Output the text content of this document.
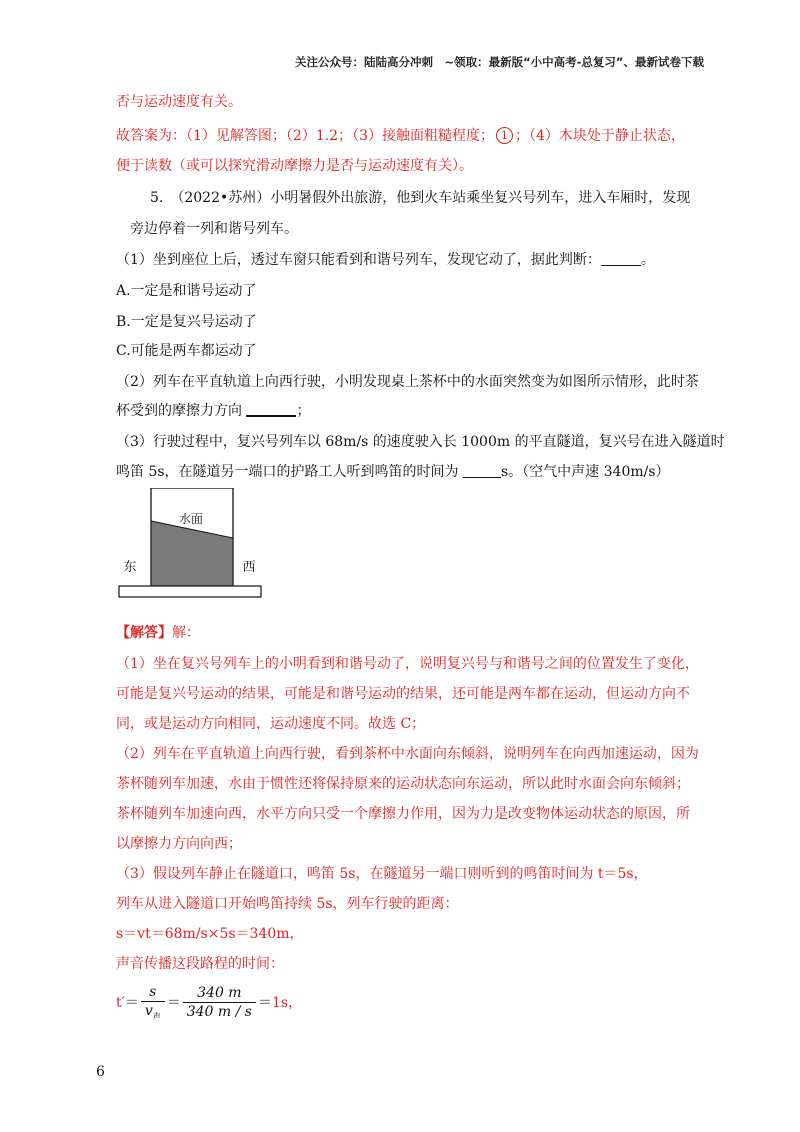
关注公众号：陆陆高分冲刺　~领取：最新版“小中高考-总复习”、最新试卷下载
否与运动速度有关。
故答案为：（1）见解答图；（2）1.2；（3）接触面粗糙程度； 1 ；（4）木块处于静止状态，
便于读数（或可以探究滑动摩擦力是否与运动速度有关）。
5.　（2022•苏州）小明暑假外出旅游，他到火车站乘坐复兴号列车，进入车厢时，发现
旁边停着一列和谐号列车。
（1）坐到座位上后，透过车窗只能看到和谐号列车，发现它动了，据此判断：	。
A.一定是和谐号运动了
B.一定是复兴号运动了
C.可能是两车都运动了
（2）列车在平直轨道上向西行驶，小明发现桌上茶杯中的水面突然变为如图所示情形，此时茶
杯受到的摩擦力方向	；
（3）行驶过程中，复兴号列车以 68m/s 的速度驶入长 1000m 的平直隧道，复兴号在进入隧道时
鸣笛 5s，在隧道另一端口的护路工人听到鸣笛的时间为	s。（空气中声速 340m/s）
水面
东	西
【解答】解：
（1）坐在复兴号列车上的小明看到和谐号动了，说明复兴号与和谐号之间的位置发生了变化，
可能是复兴号运动的结果，可能是和谐号运动的结果，还可能是两车都在运动，但运动方向不
同，或是运动方向相同，运动速度不同。故选 C；
（2）列车在平直轨道上向西行驶，看到茶杯中水面向东倾斜，说明列车在向西加速运动，因为
茶杯随列车加速，水由于惯性还将保持原来的运动状态向东运动，所以此时水面会向东倾斜；
茶杯随列车加速向西，水平方向只受一个摩擦力作用，因为力是改变物体运动状态的原因，所
以摩擦力方向向西；
（3）假设列车静止在隧道口，鸣笛 5s，在隧道另一端口则听到的鸣笛时间为 t＝5s，
列车从进入隧道口开始鸣笛持续 5s，列车行驶的距离：
s＝vt＝68m/s×5s＝340m，
声音传播这段路程的时间：
$t'= \frac{s}{v_声} = \frac{340 m}{340 m / s} =1s$，
6
